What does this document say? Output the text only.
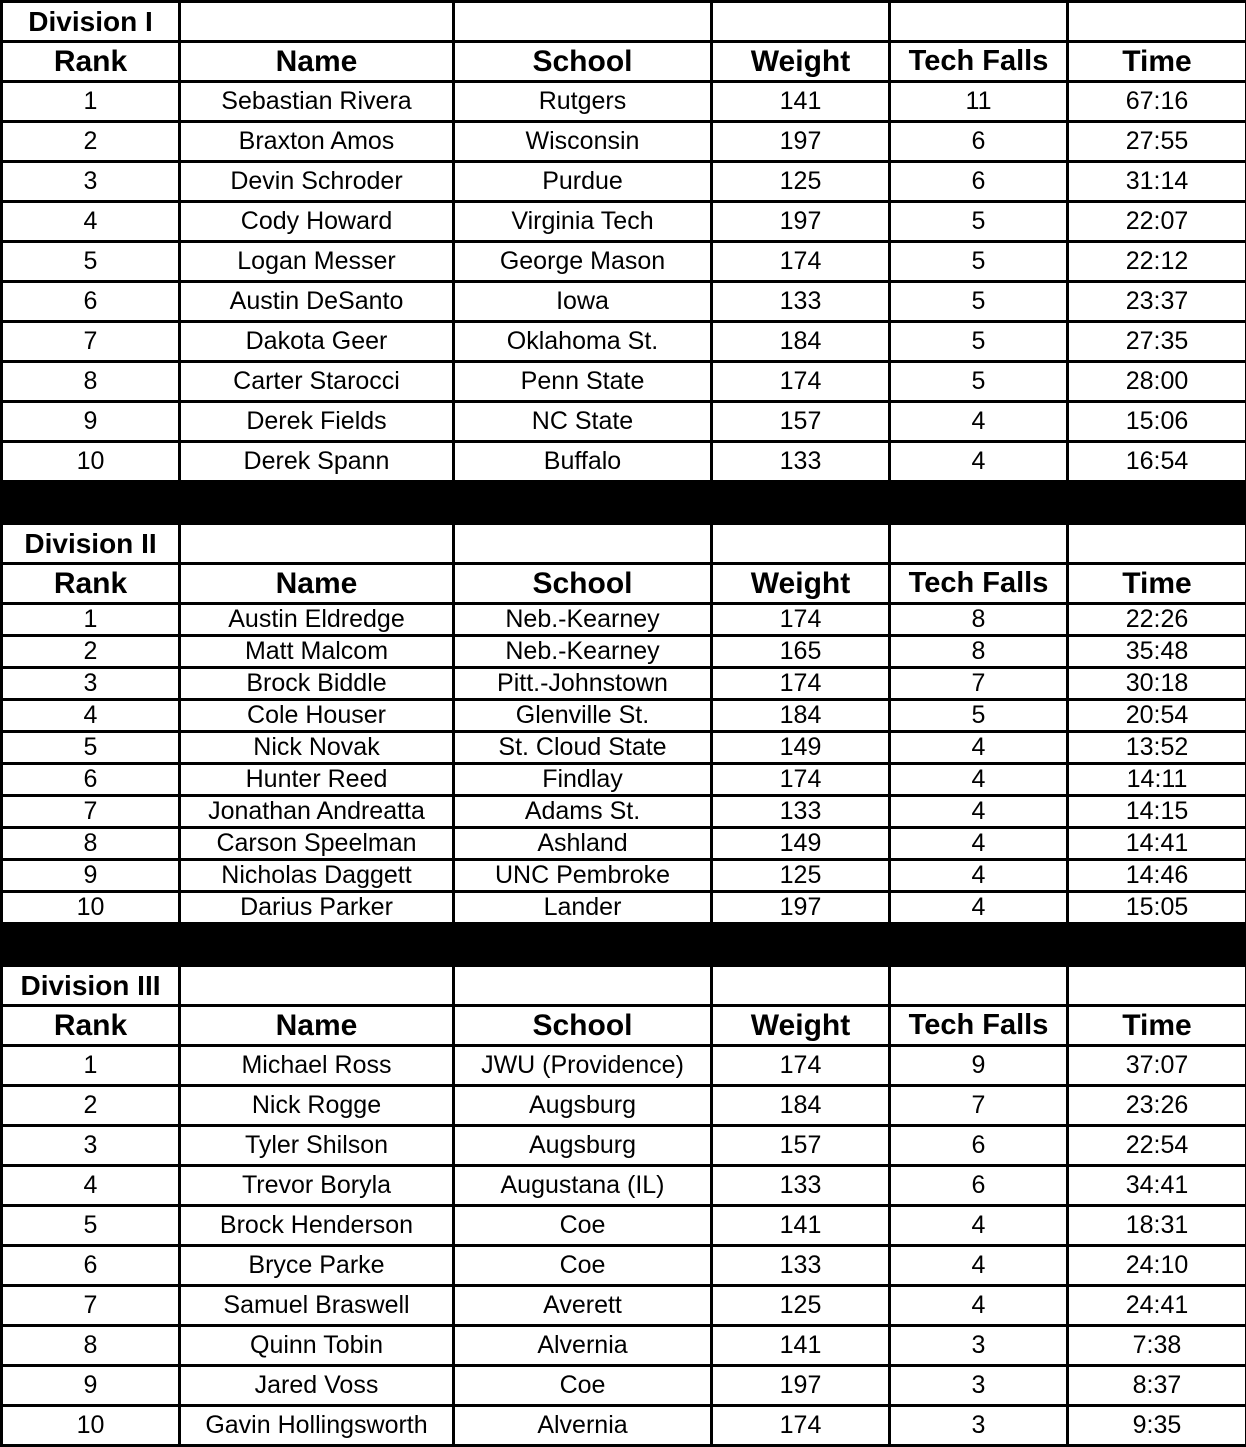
Division I					
Rank	Name	School	Weight	Tech Falls	Time
1	Sebastian Rivera	Rutgers	141	11	67:16
2	Braxton Amos	Wisconsin	197	6	27:55
3	Devin Schroder	Purdue	125	6	31:14
4	Cody Howard	Virginia Tech	197	5	22:07
5	Logan Messer	George Mason	174	5	22:12
6	Austin DeSanto	Iowa	133	5	23:37
7	Dakota Geer	Oklahoma St.	184	5	27:35
8	Carter Starocci	Penn State	174	5	28:00
9	Derek Fields	NC State	157	4	15:06
10	Derek Spann	Buffalo	133	4	16:54

Division II					
Rank	Name	School	Weight	Tech Falls	Time
1	Austin Eldredge	Neb.-Kearney	174	8	22:26
2	Matt Malcom	Neb.-Kearney	165	8	35:48
3	Brock Biddle	Pitt.-Johnstown	174	7	30:18
4	Cole Houser	Glenville St.	184	5	20:54
5	Nick Novak	St. Cloud State	149	4	13:52
6	Hunter Reed	Findlay	174	4	14:11
7	Jonathan Andreatta	Adams St.	133	4	14:15
8	Carson Speelman	Ashland	149	4	14:41
9	Nicholas Daggett	UNC Pembroke	125	4	14:46
10	Darius Parker	Lander	197	4	15:05

Division III					
Rank	Name	School	Weight	Tech Falls	Time
1	Michael Ross	JWU (Providence)	174	9	37:07
2	Nick Rogge	Augsburg	184	7	23:26
3	Tyler Shilson	Augsburg	157	6	22:54
4	Trevor Boryla	Augustana (IL)	133	6	34:41
5	Brock Henderson	Coe	141	4	18:31
6	Bryce Parke	Coe	133	4	24:10
7	Samuel Braswell	Averett	125	4	24:41
8	Quinn Tobin	Alvernia	141	3	7:38
9	Jared Voss	Coe	197	3	8:37
10	Gavin Hollingsworth	Alvernia	174	3	9:35
